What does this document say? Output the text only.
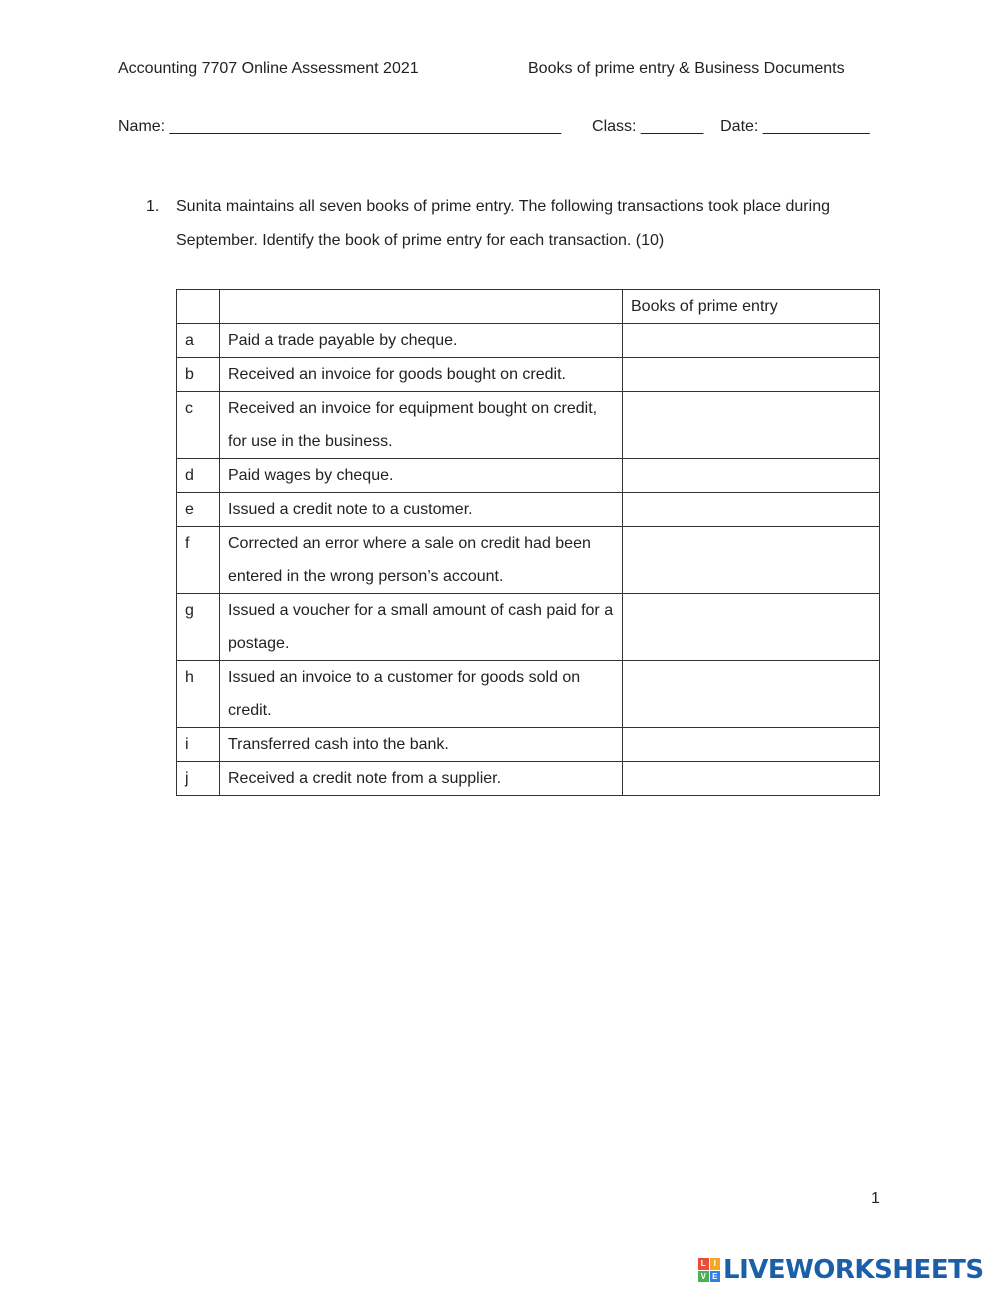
Accounting 7707 Online Assessment 2021	Books of prime entry & Business Documents
Name: ____________________________________________ Class: _______ Date: ____________
1. Sunita maintains all seven books of prime entry. The following transactions took place during September. Identify the book of prime entry for each transaction. (10)
		Books of prime entry
a	Paid a trade payable by cheque.	
b	Received an invoice for goods bought on credit.	
c	Received an invoice for equipment bought on credit, for use in the business.	
d	Paid wages by cheque.	
e	Issued a credit note to a customer.	
f	Corrected an error where a sale on credit had been entered in the wrong person’s account.	
g	Issued a voucher for a small amount of cash paid for a postage.	
h	Issued an invoice to a customer for goods sold on credit.	
i	Transferred cash into the bank.	
j	Received a credit note from a supplier.	
1
L I
V E LIVEWORKSHEETS
